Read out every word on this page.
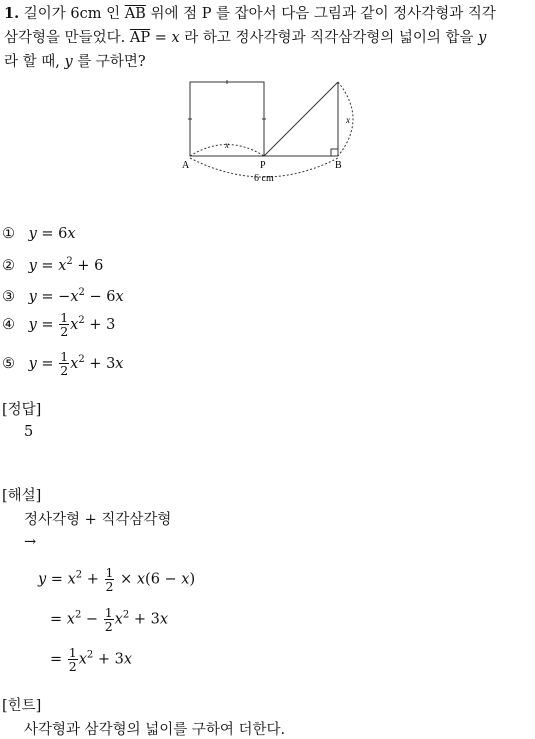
1. 길이가 6cm 인 $\overline{AB}$ 위에 점 P 를 잡아서 다음 그림과 같이 정사각형과 직각
삼각형을 만들었다. $\overline{AP} = x$ 라 하고 정사각형과 직각삼각형의 넓이의 합을 y
라 할 때, y 를 구하면?
A	P	B
x
x
6 cm
① y = 6x
② $y = x^2 + 6$
③ $y = -x^2 - 6x$
④ $y = \frac{1}{2} x^2 + 3$
⑤ $y = \frac{1}{2} x^2 + 3x$
[정답]
5
[해설]
정사각형 + 직각삼각형
→
$y = x^2 + \frac{1}{2} \times x(6 - x)$
= $x^2 - \frac{1}{2} x^2 + 3x$
= $\frac{1}{2} x^2 + 3x$
[힌트]
사각형과 삼각형의 넓이를 구하여 더한다.
